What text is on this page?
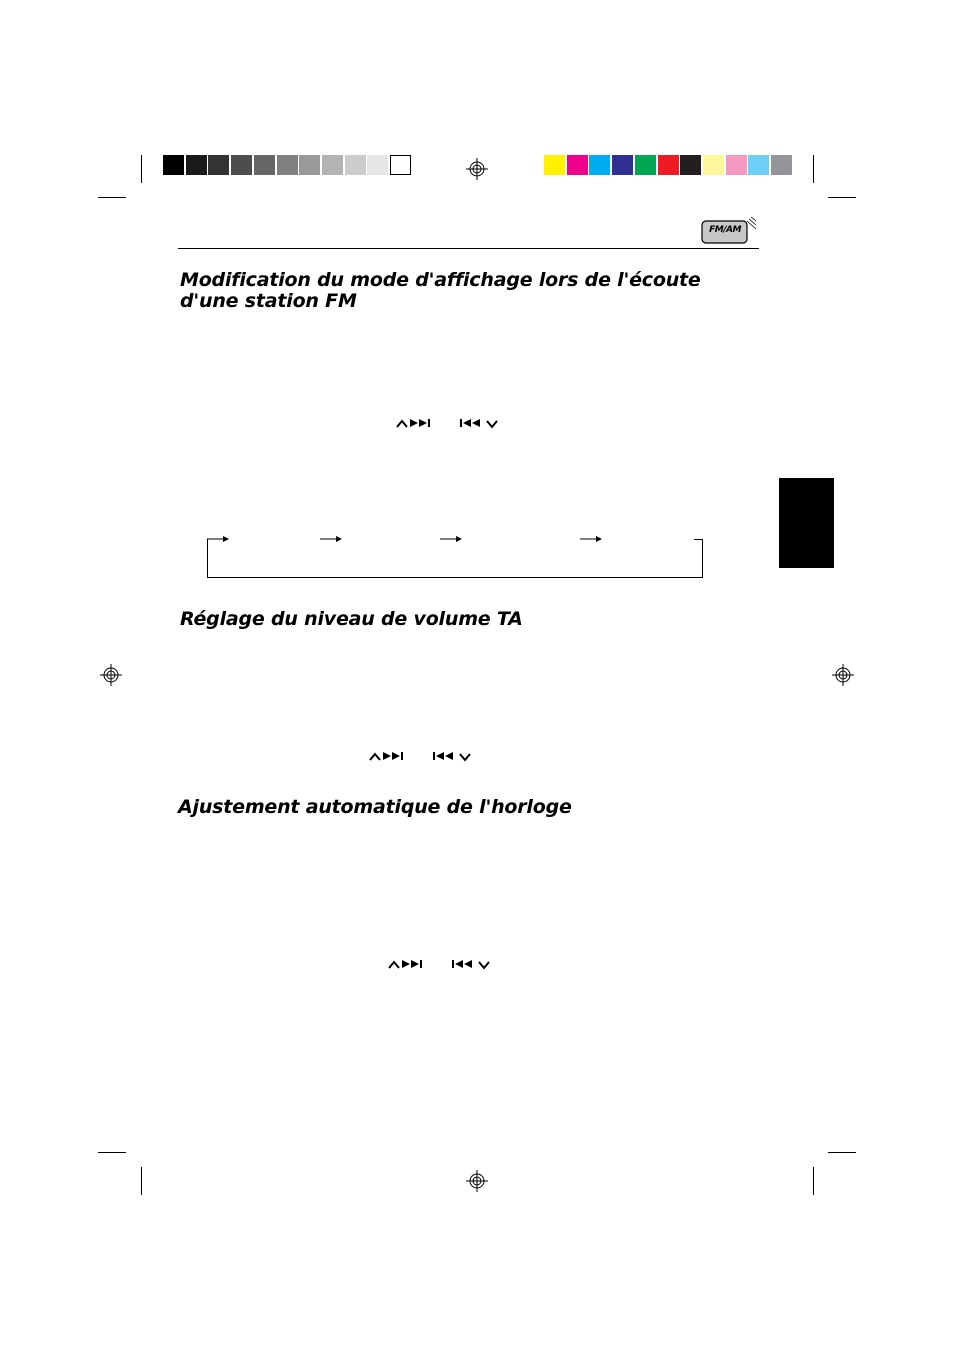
FM/AM
Modification du mode d'affichage lors de l'écoute d'une station FM
Réglage du niveau de volume TA
Ajustement automatique de l'horloge
